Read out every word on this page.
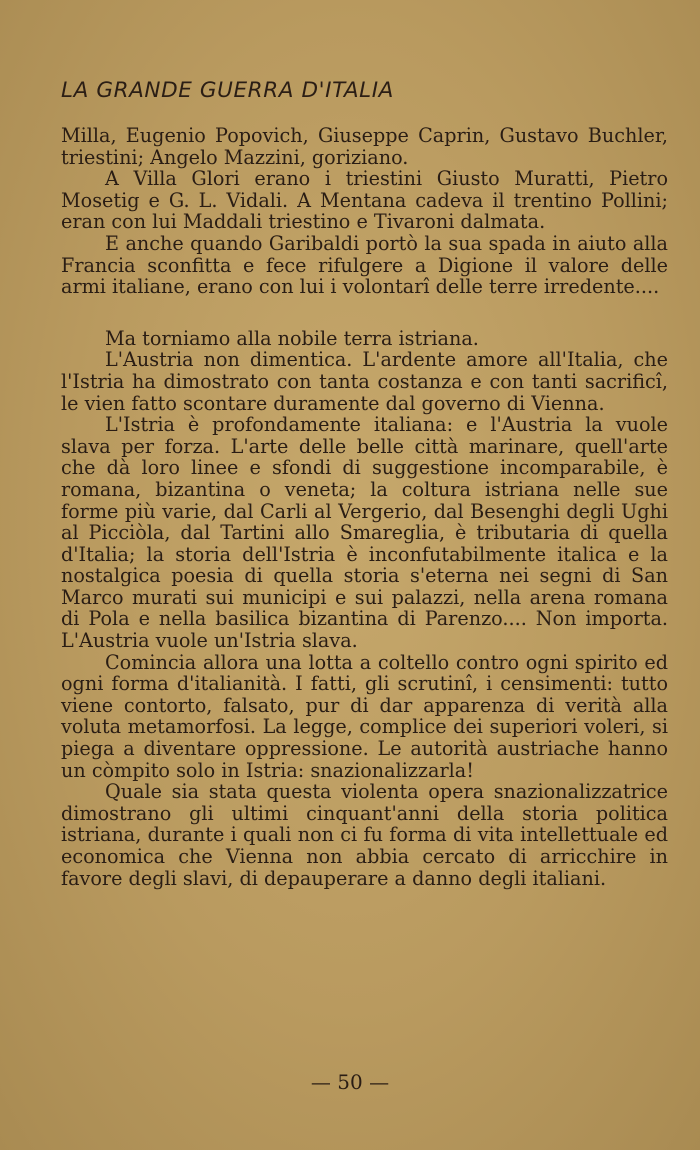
LA GRANDE GUERRA D'ITALIA

Milla, Eugenio Popovich, Giuseppe Caprin, Gustavo Buchler, triestini; Angelo Mazzini, goriziano.

A Villa Glori erano i triestini Giusto Muratti, Pietro Mosetig e G. L. Vidali. A Mentana cadeva il trentino Pollini; eran con lui Maddali triestino e Tivaroni dalmata.

E anche quando Garibaldi portò la sua spada in aiuto alla Francia sconfitta e fece rifulgere a Digione il valore delle armi italiane, erano con lui i volontarî delle terre irredente....

Ma torniamo alla nobile terra istriana.

L'Austria non dimentica. L'ardente amore all'Italia, che l'Istria ha dimostrato con tanta costanza e con tanti sacrificî, le vien fatto scontare duramente dal governo di Vienna.

L'Istria è profondamente italiana: e l'Austria la vuole slava per forza. L'arte delle belle città marinare, quell'arte che dà loro linee e sfondi di suggestione incomparabile, è romana, bizantina o veneta; la coltura istriana nelle sue forme più varie, dal Carli al Vergerio, dal Besenghi degli Ughi al Picciòla, dal Tartini allo Smareglia, è tributaria di quella d'Italia; la storia dell'Istria è inconfutabilmente italica e la nostalgica poesia di quella storia s'eterna nei segni di San Marco murati sui municipi e sui palazzi, nella arena romana di Pola e nella basilica bizantina di Parenzo.... Non importa. L'Austria vuole un'Istria slava.

Comincia allora una lotta a coltello contro ogni spirito ed ogni forma d'italianità. I fatti, gli scrutinî, i censimenti: tutto viene contorto, falsato, pur di dar apparenza di verità alla voluta metamorfosi. La legge, complice dei superiori voleri, si piega a diventare oppressione. Le autorità austriache hanno un còmpito solo in Istria: snazionalizzarla!

Quale sia stata questa violenta opera snazionalizzatrice dimostrano gli ultimi cinquant'anni della storia politica istriana, durante i quali non ci fu forma di vita intellettuale ed economica che Vienna non abbia cercato di arricchire in favore degli slavi, di depauperare a danno degli italiani.

— 50 —
